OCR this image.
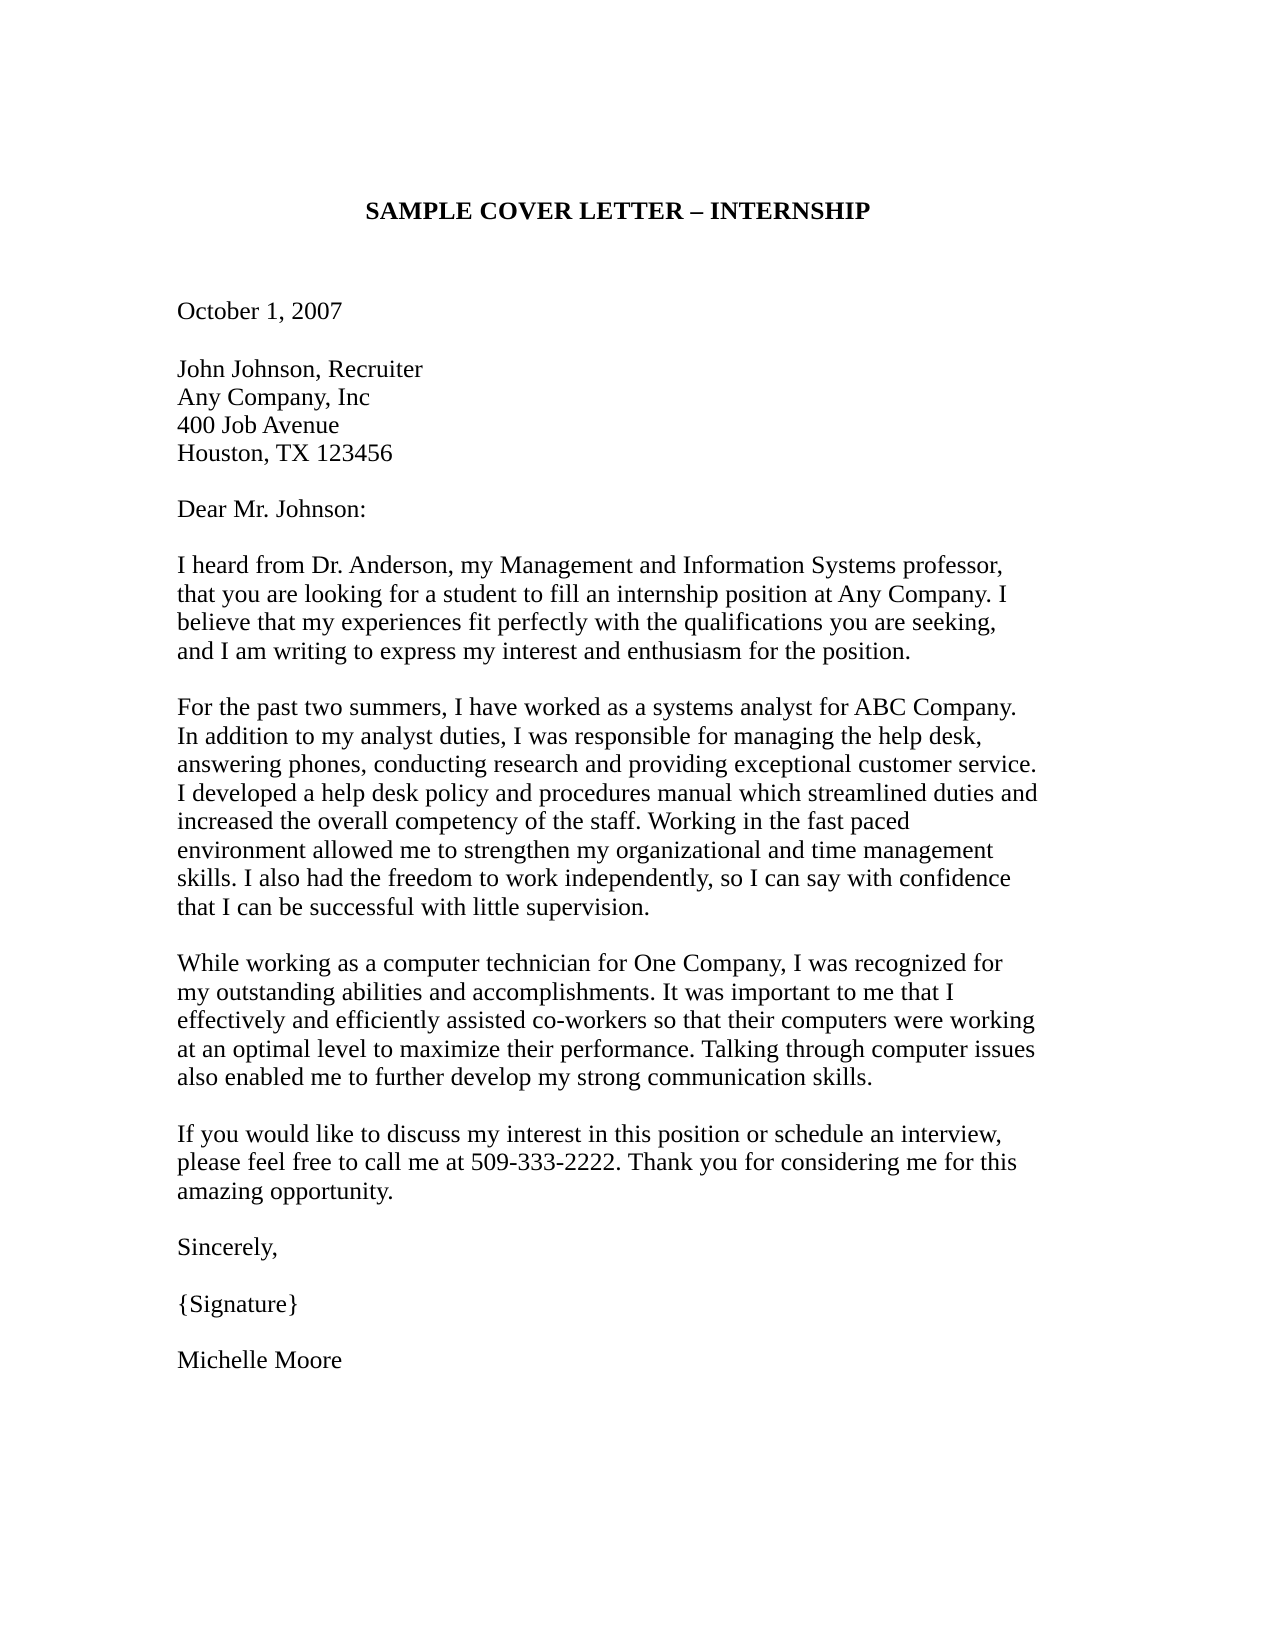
SAMPLE COVER LETTER – INTERNSHIP

October 1, 2007

John Johnson, Recruiter
Any Company, Inc
400 Job Avenue
Houston, TX 123456

Dear Mr. Johnson:

I heard from Dr. Anderson, my Management and Information Systems professor, that you are looking for a student to fill an internship position at Any Company. I believe that my experiences fit perfectly with the qualifications you are seeking, and I am writing to express my interest and enthusiasm for the position.

For the past two summers, I have worked as a systems analyst for ABC Company. In addition to my analyst duties, I was responsible for managing the help desk, answering phones, conducting research and providing exceptional customer service. I developed a help desk policy and procedures manual which streamlined duties and increased the overall competency of the staff. Working in the fast paced environment allowed me to strengthen my organizational and time management skills. I also had the freedom to work independently, so I can say with confidence that I can be successful with little supervision.

While working as a computer technician for One Company, I was recognized for my outstanding abilities and accomplishments. It was important to me that I effectively and efficiently assisted co-workers so that their computers were working at an optimal level to maximize their performance. Talking through computer issues also enabled me to further develop my strong communication skills.

If you would like to discuss my interest in this position or schedule an interview, please feel free to call me at 509-333-2222. Thank you for considering me for this amazing opportunity.

Sincerely,

{Signature}

Michelle Moore
